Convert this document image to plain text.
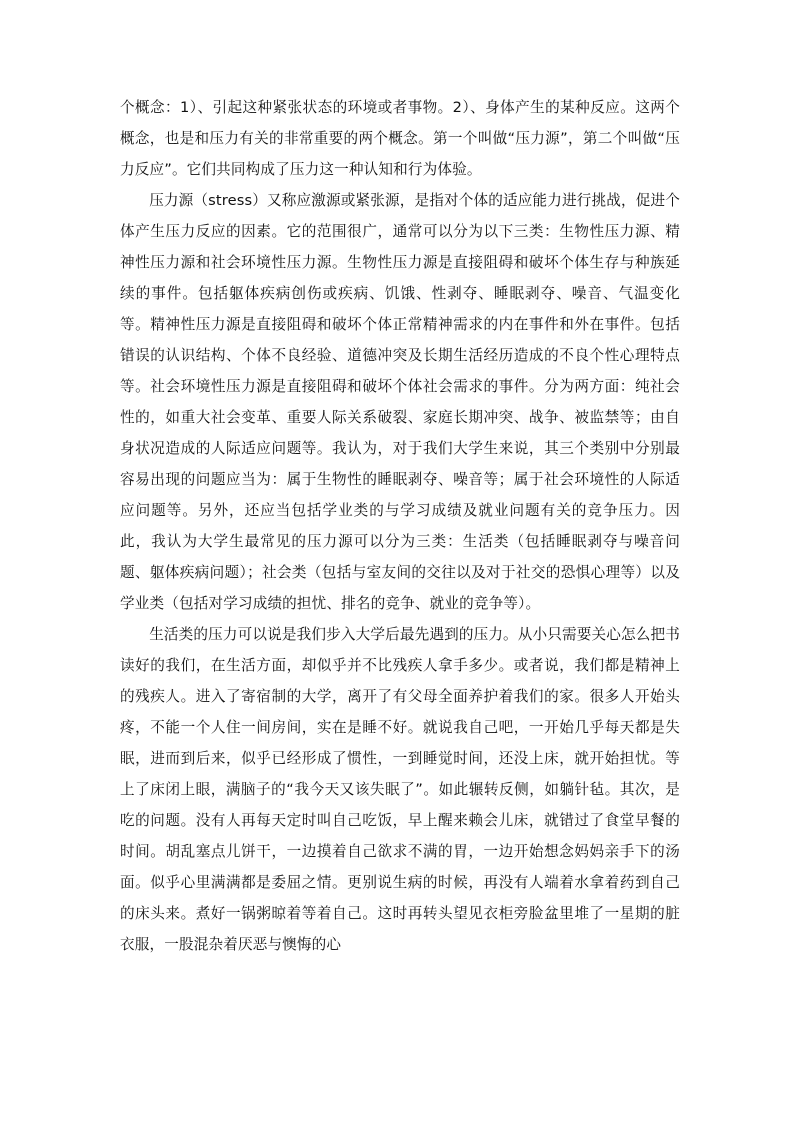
个概念：1）、引起这种紧张状态的环境或者事物。2）、身体产生的某种反应。这两个概念，也是和压力有关的非常重要的两个概念。第一个叫做“压力源”，第二个叫做“压力反应”。它们共同构成了压力这一种认知和行为体验。

压力源（stress）又称应激源或紧张源，是指对个体的适应能力进行挑战，促进个体产生压力反应的因素。它的范围很广，通常可以分为以下三类：生物性压力源、精神性压力源和社会环境性压力源。生物性压力源是直接阻碍和破坏个体生存与种族延续的事件。包括躯体疾病创伤或疾病、饥饿、性剥夺、睡眠剥夺、噪音、气温变化等。精神性压力源是直接阻碍和破坏个体正常精神需求的内在事件和外在事件。包括错误的认识结构、个体不良经验、道德冲突及长期生活经历造成的不良个性心理特点等。社会环境性压力源是直接阻碍和破坏个体社会需求的事件。分为两方面：纯社会性的，如重大社会变革、重要人际关系破裂、家庭长期冲突、战争、被监禁等；由自身状况造成的人际适应问题等。我认为，对于我们大学生来说，其三个类别中分别最容易出现的问题应当为：属于生物性的睡眠剥夺、噪音等；属于社会环境性的人际适应问题等。另外，还应当包括学业类的与学习成绩及就业问题有关的竞争压力。因此，我认为大学生最常见的压力源可以分为三类：生活类（包括睡眠剥夺与噪音问题、躯体疾病问题）；社会类（包括与室友间的交往以及对于社交的恐惧心理等）以及学业类（包括对学习成绩的担忧、排名的竞争、就业的竞争等）。

生活类的压力可以说是我们步入大学后最先遇到的压力。从小只需要关心怎么把书读好的我们，在生活方面，却似乎并不比残疾人拿手多少。或者说，我们都是精神上的残疾人。进入了寄宿制的大学，离开了有父母全面养护着我们的家。很多人开始头疼，不能一个人住一间房间，实在是睡不好。就说我自己吧，一开始几乎每天都是失眠，进而到后来，似乎已经形成了惯性，一到睡觉时间，还没上床，就开始担忧。等上了床闭上眼，满脑子的“我今天又该失眠了”。如此辗转反侧，如躺针毡。其次，是吃的问题。没有人再每天定时叫自己吃饭，早上醒来赖会儿床，就错过了食堂早餐的时间。胡乱塞点儿饼干，一边摸着自己欲求不满的胃，一边开始想念妈妈亲手下的汤面。似乎心里满满都是委屈之情。更别说生病的时候，再没有人端着水拿着药到自己的床头来。煮好一锅粥晾着等着自己。这时再转头望见衣柜旁脸盆里堆了一星期的脏衣服，一股混杂着厌恶与懊悔的心
